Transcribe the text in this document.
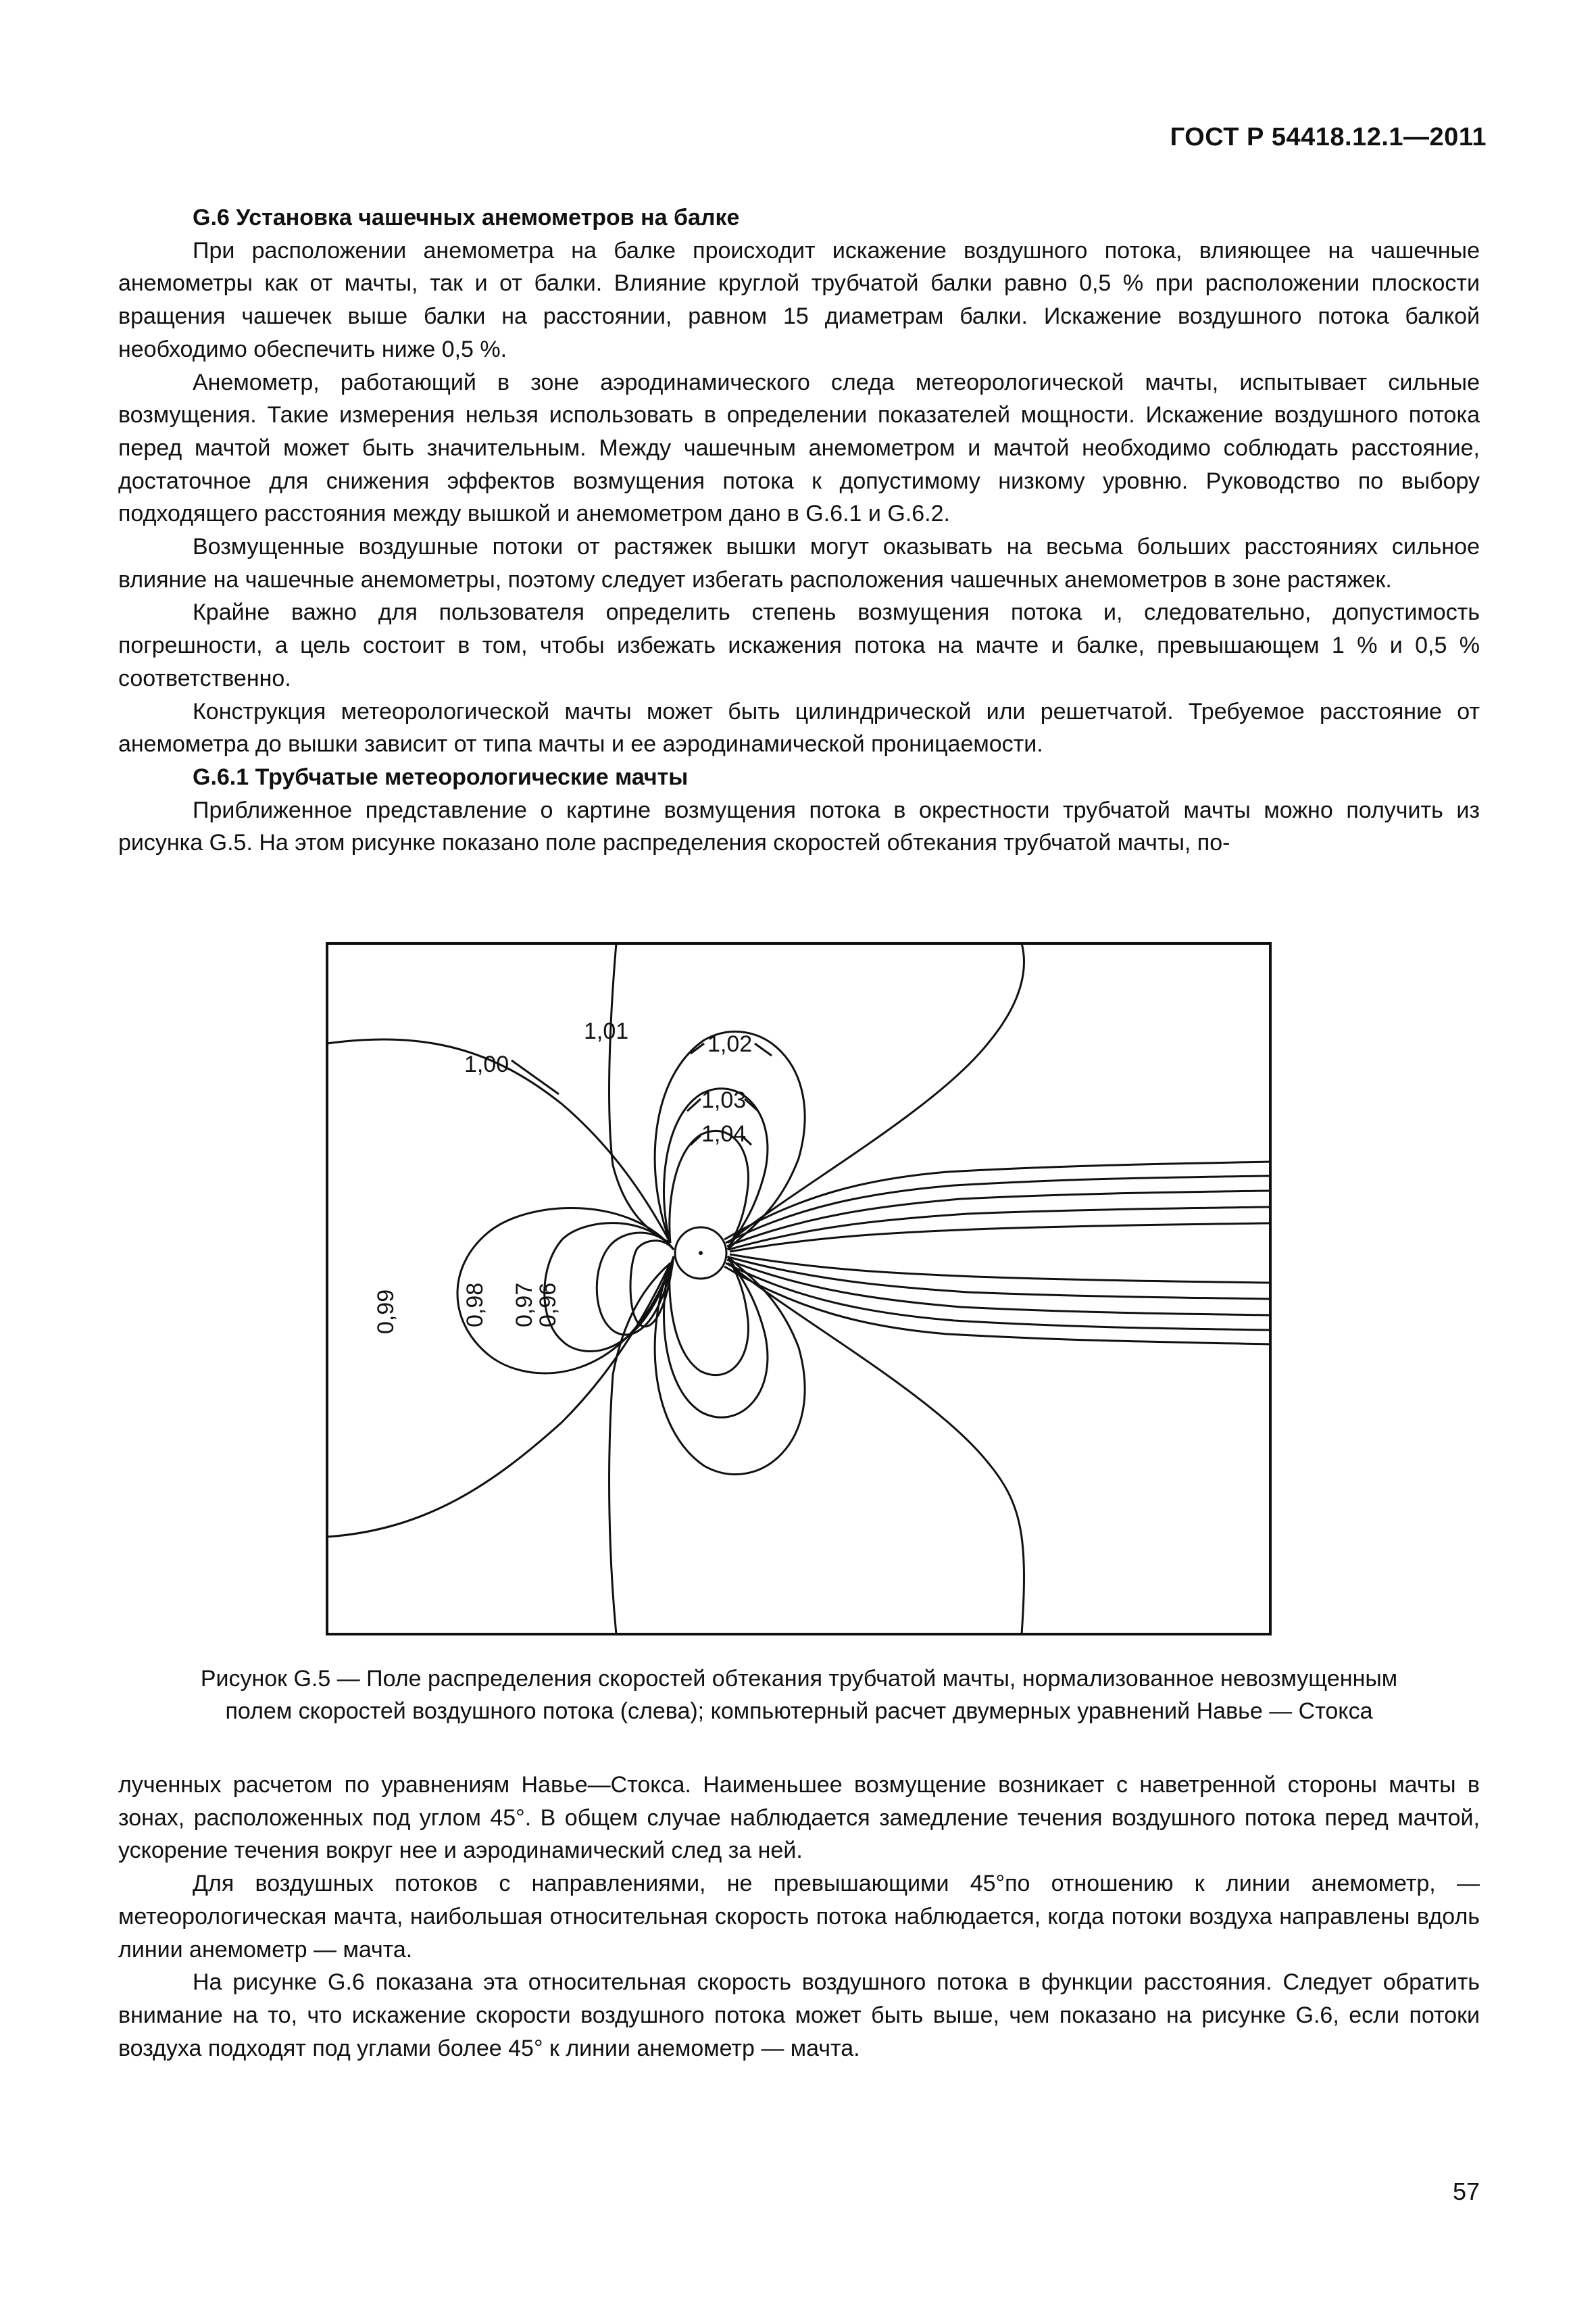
ГОСТ Р 54418.12.1—2011

G.6 Установка чашечных анемометров на балке

При расположении анемометра на балке происходит искажение воздушного потока, влияющее на чашечные анемометры как от мачты, так и от балки. Влияние круглой трубчатой балки равно 0,5 % при расположении плоскости вращения чашечек выше балки на расстоянии, равном 15 диаметрам балки. Искажение воздушного потока балкой необходимо обеспечить ниже 0,5 %.

Анемометр, работающий в зоне аэродинамического следа метеорологической мачты, испытывает сильные возмущения. Такие измерения нельзя использовать в определении показателей мощности. Искажение воздушного потока перед мачтой может быть значительным. Между чашечным анемометром и мачтой необходимо соблюдать расстояние, достаточное для снижения эффектов возмущения потока к допустимому низкому уровню. Руководство по выбору подходящего расстояния между вышкой и анемометром дано в G.6.1 и G.6.2.

Возмущенные воздушные потоки от растяжек вышки могут оказывать на весьма больших расстояниях сильное влияние на чашечные анемометры, поэтому следует избегать расположения чашечных анемометров в зоне растяжек.

Крайне важно для пользователя определить степень возмущения потока и, следовательно, допустимость погрешности, а цель состоит в том, чтобы избежать искажения потока на мачте и балке, превышающем 1 % и 0,5 % соответственно.

Конструкция метеорологической мачты может быть цилиндрической или решетчатой. Требуемое расстояние от анемометра до вышки зависит от типа мачты и ее аэродинамической проницаемости.

G.6.1 Трубчатые метеорологические мачты

Приближенное представление о картине возмущения потока в окрестности трубчатой мачты можно получить из рисунка G.5. На этом рисунке показано поле распределения скоростей обтекания трубчатой мачты, по-

1,00
1,01	1,02
1,03
1,04
0,99	0,98 0,97
0,96
Рисунок G.5 — Поле распределения скоростей обтекания трубчатой мачты, нормализованное невозмущенным
полем скоростей воздушного потока (слева); компьютерный расчет двумерных уравнений Навье — Стокса

лученных расчетом по уравнениям Навье—Стокса. Наименьшее возмущение возникает с наветренной стороны мачты в зонах, расположенных под углом 45°. В общем случае наблюдается замедление течения воздушного потока перед мачтой, ускорение течения вокруг нее и аэродинамический след за ней.

Для воздушных потоков с направлениями, не превышающими 45°по отношению к линии анемометр, — метеорологическая мачта, наибольшая относительная скорость потока наблюдается, когда потоки воздуха направлены вдоль линии анемометр — мачта.

На рисунке G.6 показана эта относительная скорость воздушного потока в функции расстояния. Следует обратить внимание на то, что искажение скорости воздушного потока может быть выше, чем показано на рисунке G.6, если потоки воздуха подходят под углами более 45° к линии анемометр — мачта.

57
